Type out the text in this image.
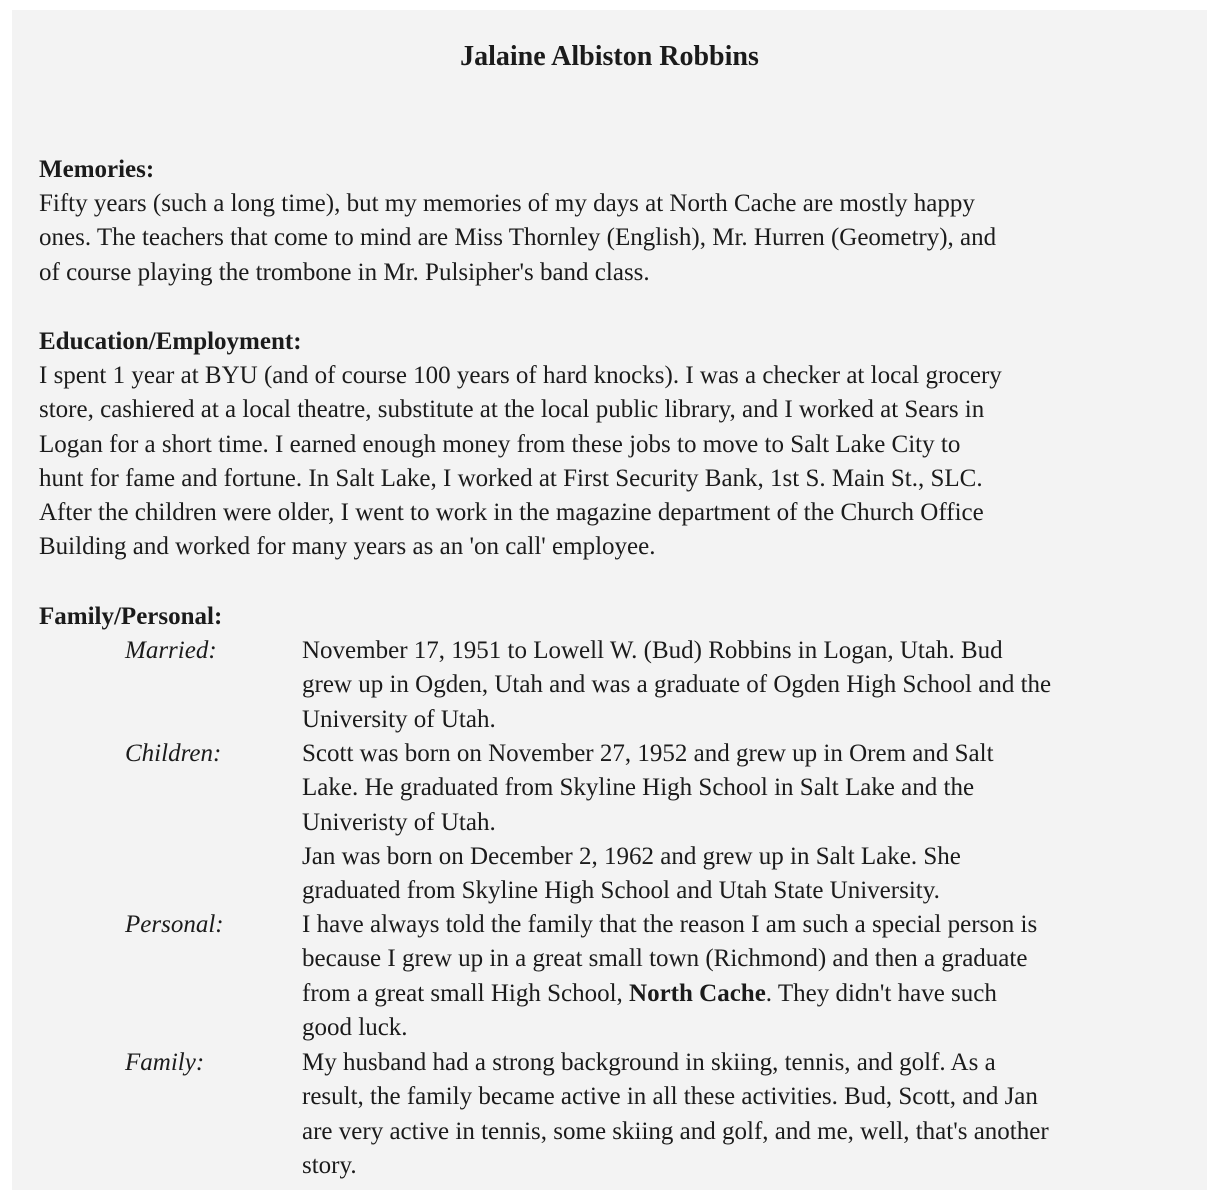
Jalaine Albiston Robbins
Memories:
Fifty years (such a long time), but my memories of my days at North Cache are mostly happy
ones. The teachers that come to mind are Miss Thornley (English), Mr. Hurren (Geometry), and
of course playing the trombone in Mr. Pulsipher's band class.
Education/Employment:
I spent 1 year at BYU (and of course 100 years of hard knocks). I was a checker at local grocery
store, cashiered at a local theatre, substitute at the local public library, and I worked at Sears in
Logan for a short time. I earned enough money from these jobs to move to Salt Lake City to
hunt for fame and fortune. In Salt Lake, I worked at First Security Bank, 1st S. Main St., SLC.
After the children were older, I went to work in the magazine department of the Church Office
Building and worked for many years as an 'on call' employee.
Family/Personal:
Married:	November 17, 1951 to Lowell W. (Bud) Robbins in Logan, Utah. Bud
grew up in Ogden, Utah and was a graduate of Ogden High School and the
University of Utah.
Children:	Scott was born on November 27, 1952 and grew up in Orem and Salt
Lake. He graduated from Skyline High School in Salt Lake and the
Univeristy of Utah.
Jan was born on December 2, 1962 and grew up in Salt Lake. She
graduated from Skyline High School and Utah State University.
Personal:	I have always told the family that the reason I am such a special person is
because I grew up in a great small town (Richmond) and then a graduate
from a great small High School, North Cache. They didn't have such
good luck.
Family:	My husband had a strong background in skiing, tennis, and golf. As a
result, the family became active in all these activities. Bud, Scott, and Jan
are very active in tennis, some skiing and golf, and me, well, that's another
story.
